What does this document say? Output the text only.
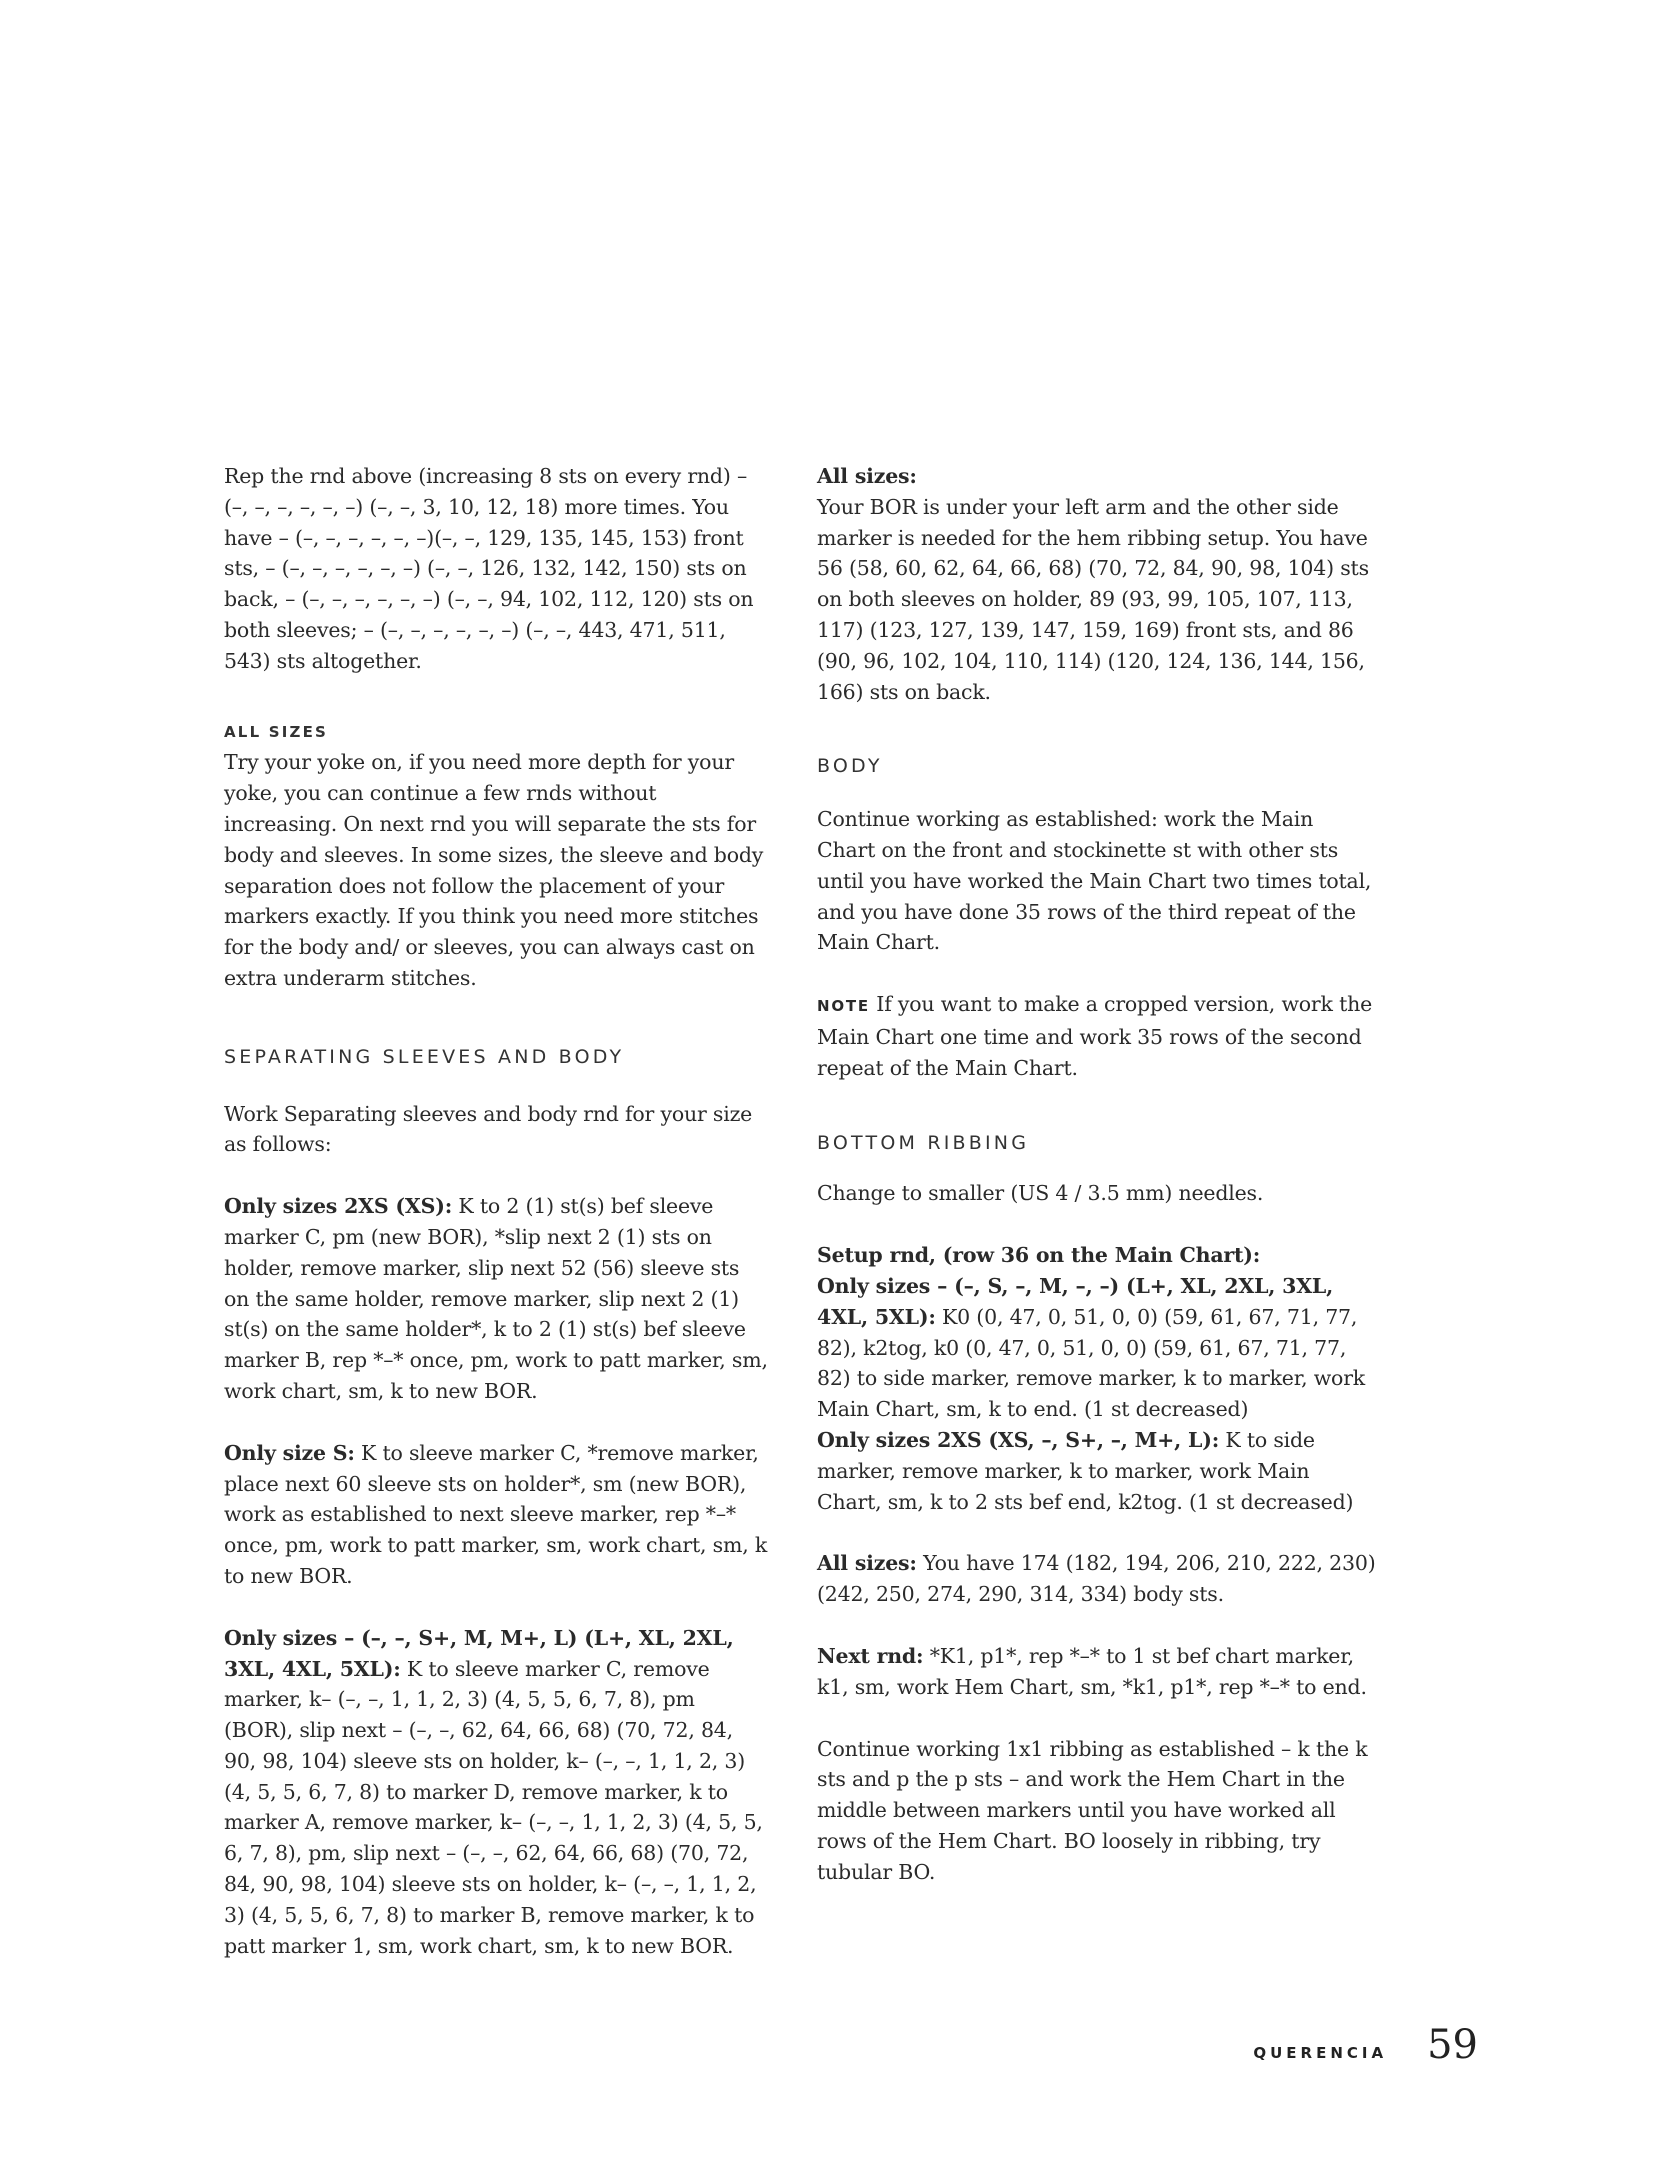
Rep the rnd above (increasing 8 sts on every rnd) – (–, –, –, –, –, –) (–, –, 3, 10, 12, 18) more times. You have – (–, –, –, –, –, –)(–, –, 129, 135, 145, 153) front sts, – (–, –, –, –, –, –) (–, –, 126, 132, 142, 150) sts on back, – (–, –, –, –, –, –) (–, –, 94, 102, 112, 120) sts on both sleeves; – (–, –, –, –, –, –) (–, –, 443, 471, 511, 543) sts altogether.

ALL SIZES

Try your yoke on, if you need more depth for your yoke, you can continue a few rnds without increasing. On next rnd you will separate the sts for body and sleeves. In some sizes, the sleeve and body separation does not follow the placement of your markers exactly. If you think you need more stitches for the body and/ or sleeves, you can always cast on extra underarm stitches.

SEPARATING SLEEVES AND BODY

Work Separating sleeves and body rnd for your size as follows:

Only sizes 2XS (XS): K to 2 (1) st(s) bef sleeve marker C, pm (new BOR), *slip next 2 (1) sts on holder, remove marker, slip next 52 (56) sleeve sts on the same holder, remove marker, slip next 2 (1) st(s) on the same holder*, k to 2 (1) st(s) bef sleeve marker B, rep *–* once, pm, work to patt marker, sm, work chart, sm, k to new BOR.

Only size S: K to sleeve marker C, *remove marker, place next 60 sleeve sts on holder*, sm (new BOR), work as established to next sleeve marker, rep *–* once, pm, work to patt marker, sm, work chart, sm, k to new BOR.

Only sizes – (–, –, S+, M, M+, L) (L+, XL, 2XL, 3XL, 4XL, 5XL): K to sleeve marker C, remove marker, k– (–, –, 1, 1, 2, 3) (4, 5, 5, 6, 7, 8), pm (BOR), slip next – (–, –, 62, 64, 66, 68) (70, 72, 84, 90, 98, 104) sleeve sts on holder, k– (–, –, 1, 1, 2, 3) (4, 5, 5, 6, 7, 8) to marker D, remove marker, k to marker A, remove marker, k– (–, –, 1, 1, 2, 3) (4, 5, 5, 6, 7, 8), pm, slip next – (–, –, 62, 64, 66, 68) (70, 72, 84, 90, 98, 104) sleeve sts on holder, k– (–, –, 1, 1, 2, 3) (4, 5, 5, 6, 7, 8) to marker B, remove marker, k to patt marker 1, sm, work chart, sm, k to new BOR.

All sizes:

Your BOR is under your left arm and the other side marker is needed for the hem ribbing setup. You have 56 (58, 60, 62, 64, 66, 68) (70, 72, 84, 90, 98, 104) sts on both sleeves on holder, 89 (93, 99, 105, 107, 113, 117) (123, 127, 139, 147, 159, 169) front sts, and 86 (90, 96, 102, 104, 110, 114) (120, 124, 136, 144, 156, 166) sts on back.

BODY

Continue working as established: work the Main Chart on the front and stockinette st with other sts until you have worked the Main Chart two times total, and you have done 35 rows of the third repeat of the Main Chart.

NOTE If you want to make a cropped version, work the Main Chart one time and work 35 rows of the second repeat of the Main Chart.

BOTTOM RIBBING

Change to smaller (US 4 / 3.5 mm) needles.

Setup rnd, (row 36 on the Main Chart):

Only sizes – (–, S, –, M, –, –) (L+, XL, 2XL, 3XL, 4XL, 5XL): K0 (0, 47, 0, 51, 0, 0) (59, 61, 67, 71, 77, 82), k2tog, k0 (0, 47, 0, 51, 0, 0) (59, 61, 67, 71, 77, 82) to side marker, remove marker, k to marker, work Main Chart, sm, k to end. (1 st decreased)

Only sizes 2XS (XS, –, S+, –, M+, L): K to side marker, remove marker, k to marker, work Main Chart, sm, k to 2 sts bef end, k2tog. (1 st decreased)

All sizes: You have 174 (182, 194, 206, 210, 222, 230) (242, 250, 274, 290, 314, 334) body sts.

Next rnd: *K1, p1*, rep *–* to 1 st bef chart marker, k1, sm, work Hem Chart, sm, *k1, p1*, rep *–* to end.

Continue working 1x1 ribbing as established – k the k sts and p the p sts – and work the Hem Chart in the middle between markers until you have worked all rows of the Hem Chart. BO loosely in ribbing, try tubular BO.

QUERENCIA 59
